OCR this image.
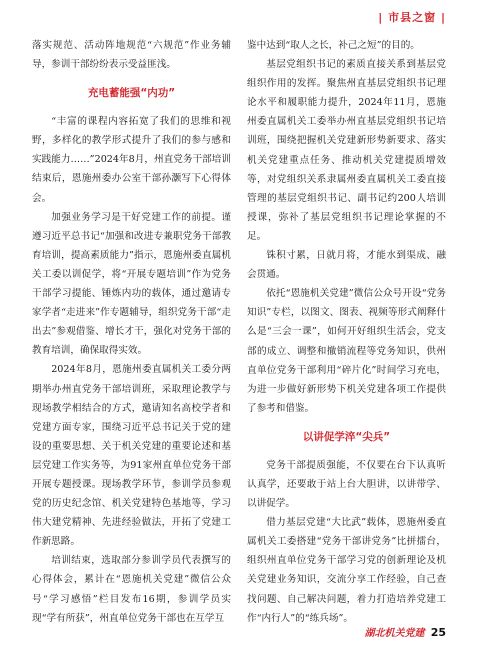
| 市县之窗 |

落实规范、活动阵地规范“六规范”作业务辅导，参训干部纷纷表示受益匪浅。

充电蓄能强“内功”

“丰富的课程内容拓宽了我们的思维和视野，多样化的教学形式提升了我们的参与感和实践能力……”2024年8月，州直党务干部培训结束后，恩施州委办公室干部孙灏写下心得体会。

加强业务学习是干好党建工作的前提。谨遵习近平总书记“加强和改进专兼职党务干部教育培训，提高素质能力”指示，恩施州委直属机关工委以训促学，将“开展专题培训”作为党务干部学习提能、锤炼内功的载体，通过邀请专家学者“走进来”作专题辅导，组织党务干部“走出去”参观借鉴、增长才干，强化对党务干部的教育培训，确保取得实效。

2024年8月，恩施州委直属机关工委分两期举办州直党务干部培训班，采取理论教学与现场教学相结合的方式，邀请知名高校学者和党建方面专家，围绕习近平总书记关于党的建设的重要思想、关于机关党建的重要论述和基层党建工作实务等，为91家州直单位党务干部开展专题授课。现场教学环节，参训学员参观党的历史纪念馆、机关党建特色基地等，学习伟大建党精神、先进经验做法，开拓了党建工作新思路。

培训结束，选取部分参训学员代表撰写的心得体会，累计在“恩施机关党建”微信公众号“学习感悟”栏目发布16期，参训学员实现“学有所获”，州直单位党务干部也在互学互

鉴中达到“取人之长，补己之短”的目的。

基层党组织书记的素质直接关系到基层党组织作用的发挥。聚焦州直基层党组织书记理论水平和履职能力提升，2024年11月，恩施州委直属机关工委举办州直基层党组织书记培训班，围绕把握机关党建新形势新要求、落实机关党建重点任务、推动机关党建提质增效等，对党组织关系隶属州委直属机关工委直接管理的基层党组织书记、副书记约200人培训授课，弥补了基层党组织书记理论掌握的不足。

铢积寸累，日就月将，才能水到渠成、融会贯通。

依托“恩施机关党建”微信公众号开设“党务知识”专栏，以图文、图表、视频等形式阐释什么是“三会一课”，如何开好组织生活会，党支部的成立、调整和撤销流程等党务知识，供州直单位党务干部利用“碎片化”时间学习充电，为进一步做好新形势下机关党建各项工作提供了参考和借鉴。

以讲促学淬“尖兵”

党务干部提质强能，不仅要在台下认真听认真学，还要敢于站上台大胆讲，以讲带学、以讲促学。

借力基层党建“大比武”载体，恩施州委直属机关工委搭建“党务干部讲党务”比拼擂台，组织州直单位党务干部学习党的创新理论及机关党建业务知识，交流分享工作经验，自己查找问题、自己解决问题，着力打造培养党建工作“内行人”的“练兵场”。

湖北机关党建 25
